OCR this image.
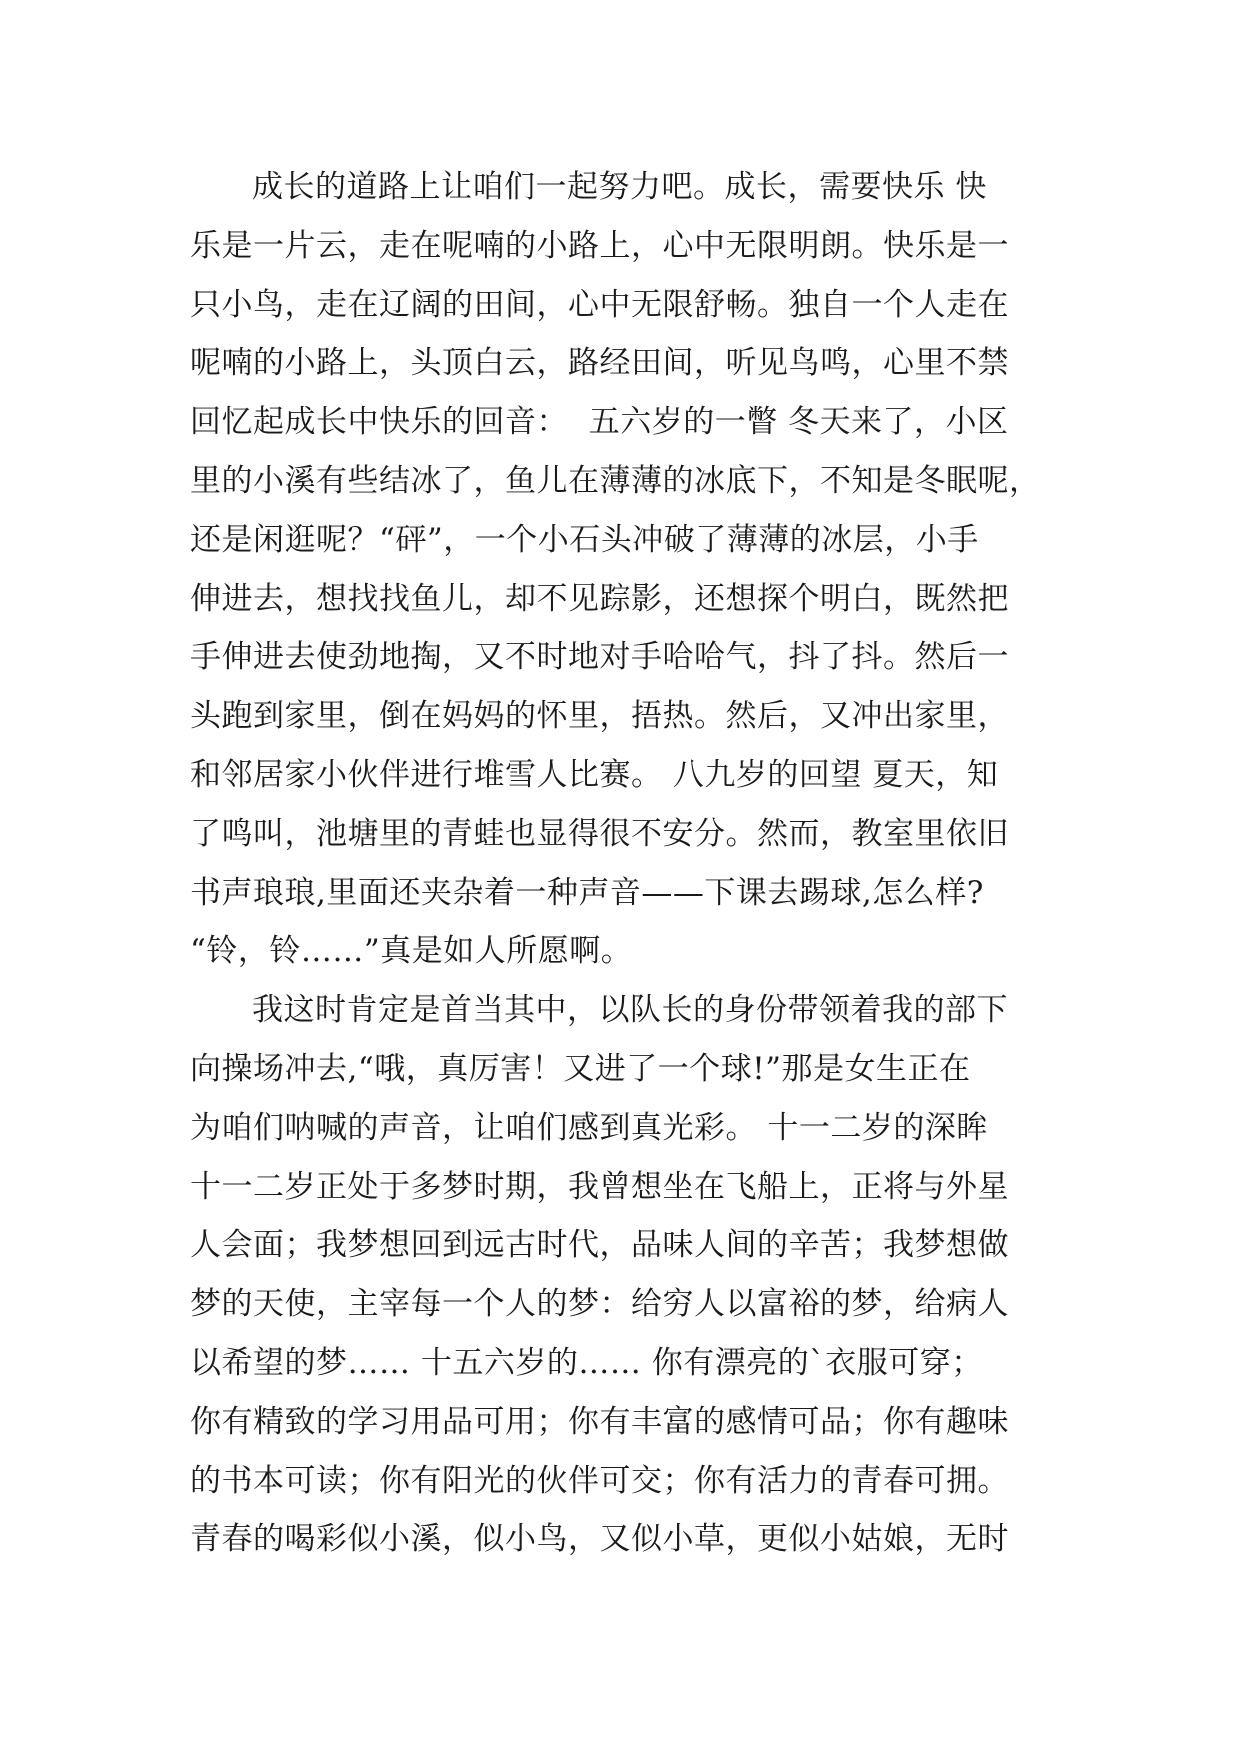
成长的道路上让咱们一起努力吧。成长，需要快乐 快
乐是一片云，走在呢喃的小路上，心中无限明朗。快乐是一
只小鸟，走在辽阔的田间，心中无限舒畅。独自一个人走在
呢喃的小路上，头顶白云，路经田间，听见鸟鸣，心里不禁
回忆起成长中快乐的回音：  五六岁的一瞥 冬天来了，小区
里的小溪有些结冰了，鱼儿在薄薄的冰底下，不知是冬眠呢，
还是闲逛呢？“砰”，一个小石头冲破了薄薄的冰层，小手
伸进去，想找找鱼儿，却不见踪影，还想探个明白，既然把
手伸进去使劲地掏，又不时地对手哈哈气，抖了抖。然后一
头跑到家里，倒在妈妈的怀里，捂热。然后，又冲出家里，
和邻居家小伙伴进行堆雪人比赛。 八九岁的回望 夏天，知
了鸣叫，池塘里的青蛙也显得很不安分。然而，教室里依旧
书声琅琅,里面还夹杂着一种声音——下课去踢球,怎么样?
“铃，铃……”真是如人所愿啊。
我这时肯定是首当其中，以队长的身份带领着我的部下
向操场冲去,“哦，真厉害！又进了一个球!”那是女生正在
为咱们呐喊的声音，让咱们感到真光彩。 十一二岁的深眸
十一二岁正处于多梦时期，我曾想坐在飞船上，正将与外星
人会面；我梦想回到远古时代，品味人间的辛苦；我梦想做
梦的天使，主宰每一个人的梦：给穷人以富裕的梦，给病人
以希望的梦…… 十五六岁的…… 你有漂亮的`衣服可穿；
你有精致的学习用品可用；你有丰富的感情可品；你有趣味
的书本可读；你有阳光的伙伴可交；你有活力的青春可拥。
青春的喝彩似小溪，似小鸟，又似小草，更似小姑娘，无时
